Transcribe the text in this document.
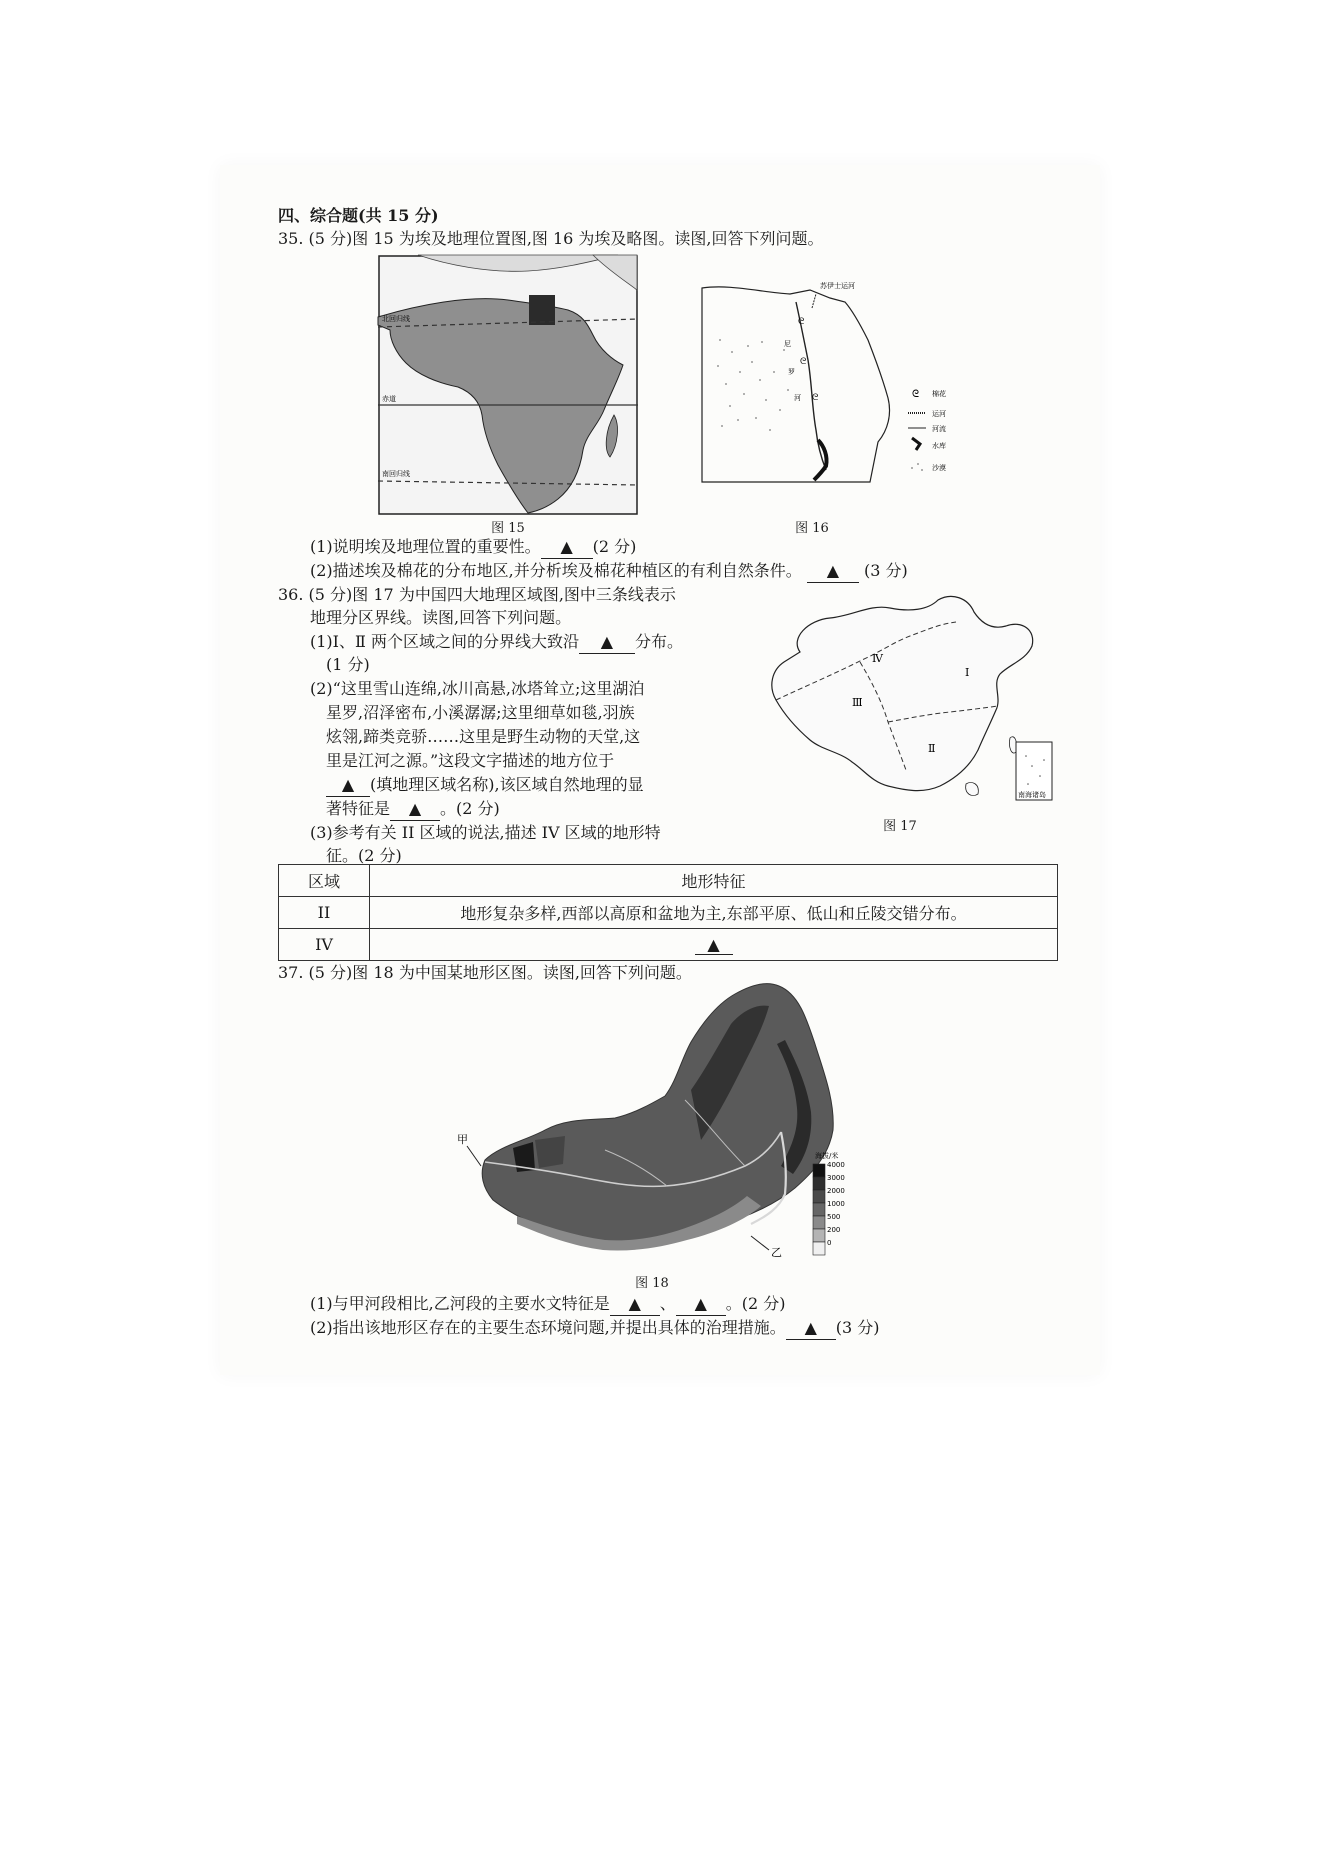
四、综合题(共 15 分)
35. (5 分)图 15 为埃及地理位置图,图 16 为埃及略图。读图,回答下列问题。
北回归线
赤道
南回归线
图 15
ᘓ
ᘓ
ᘓ
苏伊士运河
尼
罗
河	ᘓ 棉花
运河
河流
水库
沙漠
图 16
(1)说明埃及地理位置的重要性。 ▲ (2 分)
(2)描述埃及棉花的分布地区,并分析埃及棉花种植区的有利自然条件。 ▲ (3 分)
36. (5 分)图 17 为中国四大地理区域图,图中三条线表示
地理分区界线。读图,回答下列问题。
(1)Ⅰ、Ⅱ 两个区域之间的分界线大致沿 ▲ 分布。
(1 分)
(2)“这里雪山连绵,冰川高悬,冰塔耸立;这里湖泊
星罗,沼泽密布,小溪潺潺;这里细草如毯,羽族
炫翎,蹄类竞骄……这里是野生动物的天堂,这
里是江河之源。”这段文字描述的地方位于
▲ (填地理区域名称),该区域自然地理的显
著特征是 ▲ 。(2 分)
(3)参考有关 II 区域的说法,描述 IV 区域的地形特
征。(2 分)
Ⅰ
Ⅱ
Ⅲ
Ⅳ
南海诸岛
图 17
区域	地形特征
II	地形复杂多样,西部以高原和盆地为主,东部平原、低山和丘陵交错分布。
IV	▲
37. (5 分)图 18 为中国某地形区图。读图,回答下列问题。
甲
乙
海拔/米
4000
3000
2000
1000
500
200
0
图 18
(1)与甲河段相比,乙河段的主要水文特征是 ▲ 、 ▲ 。(2 分)
(2)指出该地形区存在的主要生态环境问题,并提出具体的治理措施。 ▲ (3 分)
